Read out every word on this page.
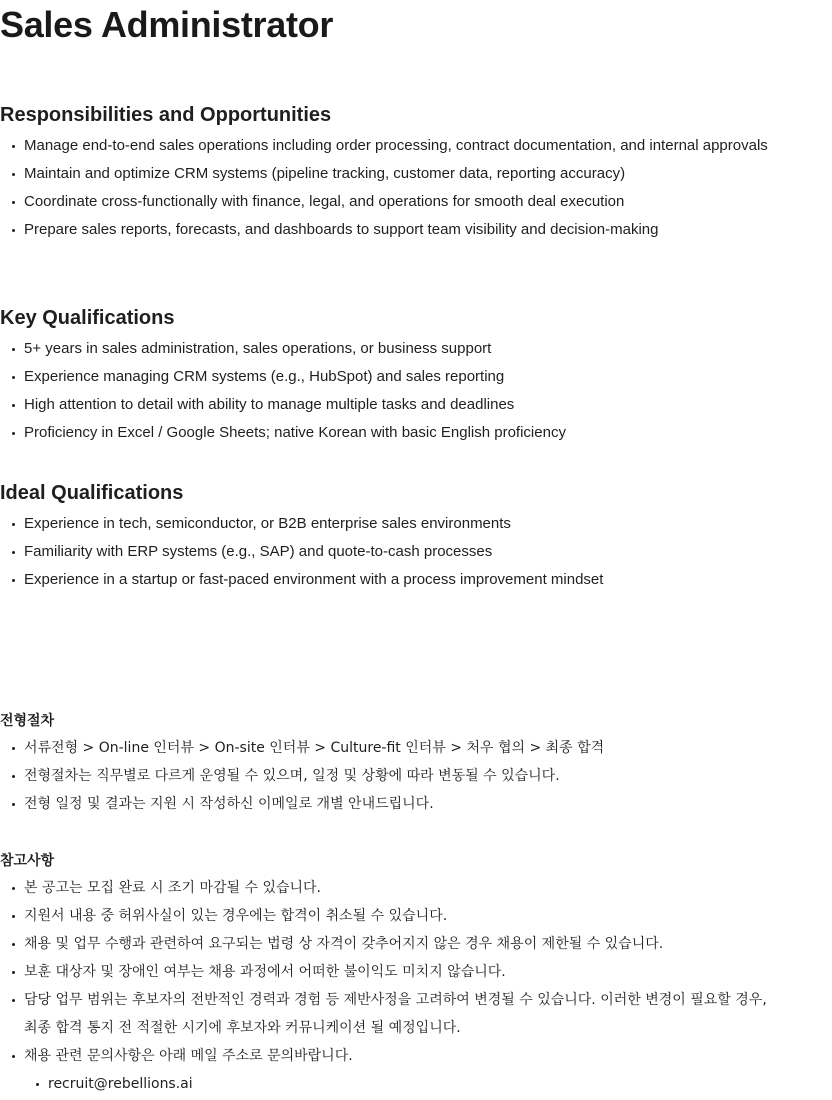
Sales Administrator
Responsibilities and Opportunities
Manage end-to-end sales operations including order processing, contract documentation, and internal approvals
Maintain and optimize CRM systems (pipeline tracking, customer data, reporting accuracy)
Coordinate cross-functionally with finance, legal, and operations for smooth deal execution
Prepare sales reports, forecasts, and dashboards to support team visibility and decision-making
Key Qualifications
5+ years in sales administration, sales operations, or business support
Experience managing CRM systems (e.g., HubSpot) and sales reporting
High attention to detail with ability to manage multiple tasks and deadlines
Proficiency in Excel / Google Sheets; native Korean with basic English proficiency
Ideal Qualifications
Experience in tech, semiconductor, or B2B enterprise sales environments
Familiarity with ERP systems (e.g., SAP) and quote-to-cash processes
Experience in a startup or fast-paced environment with a process improvement mindset
전형절차
서류전형 > On-line 인터뷰 > On-site 인터뷰 > Culture-fit 인터뷰 > 처우 협의 > 최종 합격
전형절차는 직무별로 다르게 운영될 수 있으며, 일정 및 상황에 따라 변동될 수 있습니다.
전형 일정 및 결과는 지원 시 작성하신 이메일로 개별 안내드립니다.
참고사항
본 공고는 모집 완료 시 조기 마감될 수 있습니다.
지원서 내용 중 허위사실이 있는 경우에는 합격이 취소될 수 있습니다.
채용 및 업무 수행과 관련하여 요구되는 법령 상 자격이 갖추어지지 않은 경우 채용이 제한될 수 있습니다.
보훈 대상자 및 장애인 여부는 채용 과정에서 어떠한 불이익도 미치지 않습니다.
담당 업무 범위는 후보자의 전반적인 경력과 경험 등 제반사정을 고려하여 변경될 수 있습니다. 이러한 변경이 필요할 경우, 최종 합격 통지 전 적절한 시기에 후보자와 커뮤니케이션 될 예정입니다.
채용 관련 문의사항은 아래 메일 주소로 문의바랍니다.
recruit@rebellions.ai
